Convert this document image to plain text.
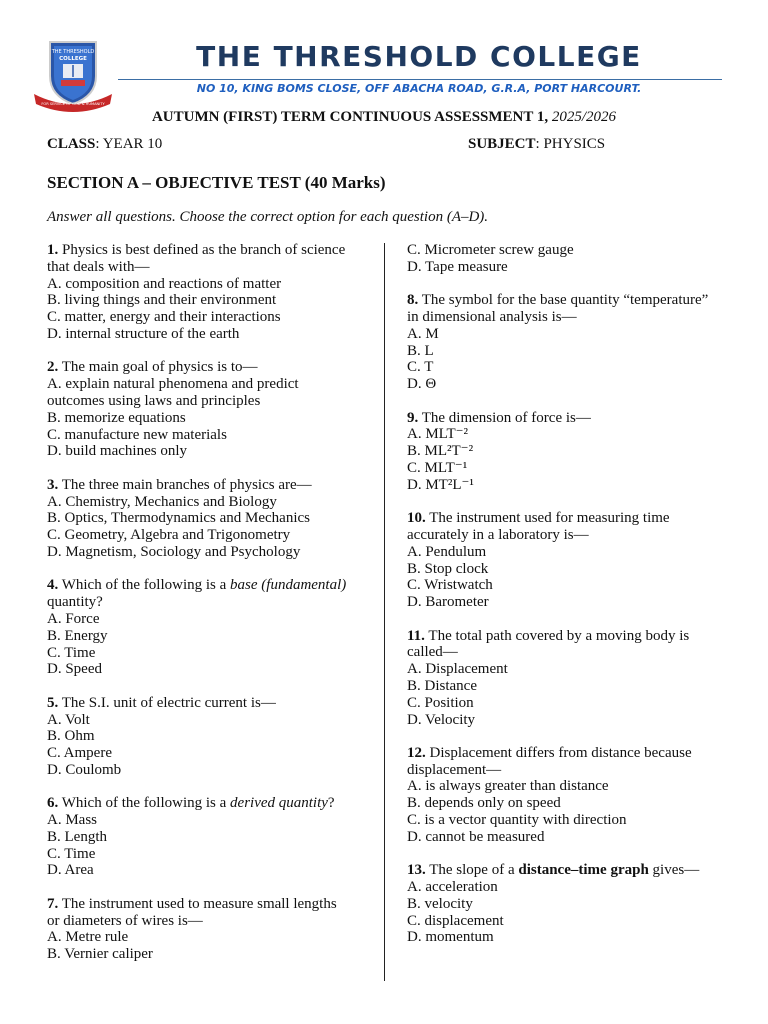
THE THRESHOLD
COLLEGE
FOR SERVICE OF GOD & HUMANITY
THE THRESHOLD COLLEGE
NO 10, KING BOMS CLOSE, OFF ABACHA ROAD, G.R.A, PORT HARCOURT.
AUTUMN (FIRST) TERM CONTINUOUS ASSESSMENT 1, 2025/2026
CLASS: YEAR 10	SUBJECT: PHYSICS
SECTION A – OBJECTIVE TEST (40 Marks)
Answer all questions. Choose the correct option for each question (A–D).
1. Physics is best defined as the branch of science
that deals with—
A. composition and reactions of matter
B. living things and their environment
C. matter, energy and their interactions
D. internal structure of the earth
2. The main goal of physics is to—
A. explain natural phenomena and predict
outcomes using laws and principles
B. memorize equations
C. manufacture new materials
D. build machines only
3. The three main branches of physics are—
A. Chemistry, Mechanics and Biology
B. Optics, Thermodynamics and Mechanics
C. Geometry, Algebra and Trigonometry
D. Magnetism, Sociology and Psychology
4. Which of the following is a base (fundamental)
quantity?
A. Force
B. Energy
C. Time
D. Speed
5. The S.I. unit of electric current is—
A. Volt
B. Ohm
C. Ampere
D. Coulomb
6. Which of the following is a derived quantity?
A. Mass
B. Length
C. Time
D. Area
7. The instrument used to measure small lengths
or diameters of wires is—
A. Metre rule
B. Vernier caliper
C. Micrometer screw gauge
D. Tape measure
8. The symbol for the base quantity “temperature”
in dimensional analysis is—
A. M
B. L
C. T
D. Θ
9. The dimension of force is—
A. MLT⁻²
B. ML²T⁻²
C. MLT⁻¹
D. MT²L⁻¹
10. The instrument used for measuring time
accurately in a laboratory is—
A. Pendulum
B. Stop clock
C. Wristwatch
D. Barometer
11. The total path covered by a moving body is
called—
A. Displacement
B. Distance
C. Position
D. Velocity
12. Displacement differs from distance because
displacement—
A. is always greater than distance
B. depends only on speed
C. is a vector quantity with direction
D. cannot be measured
13. The slope of a distance–time graph gives—
A. acceleration
B. velocity
C. displacement
D. momentum
